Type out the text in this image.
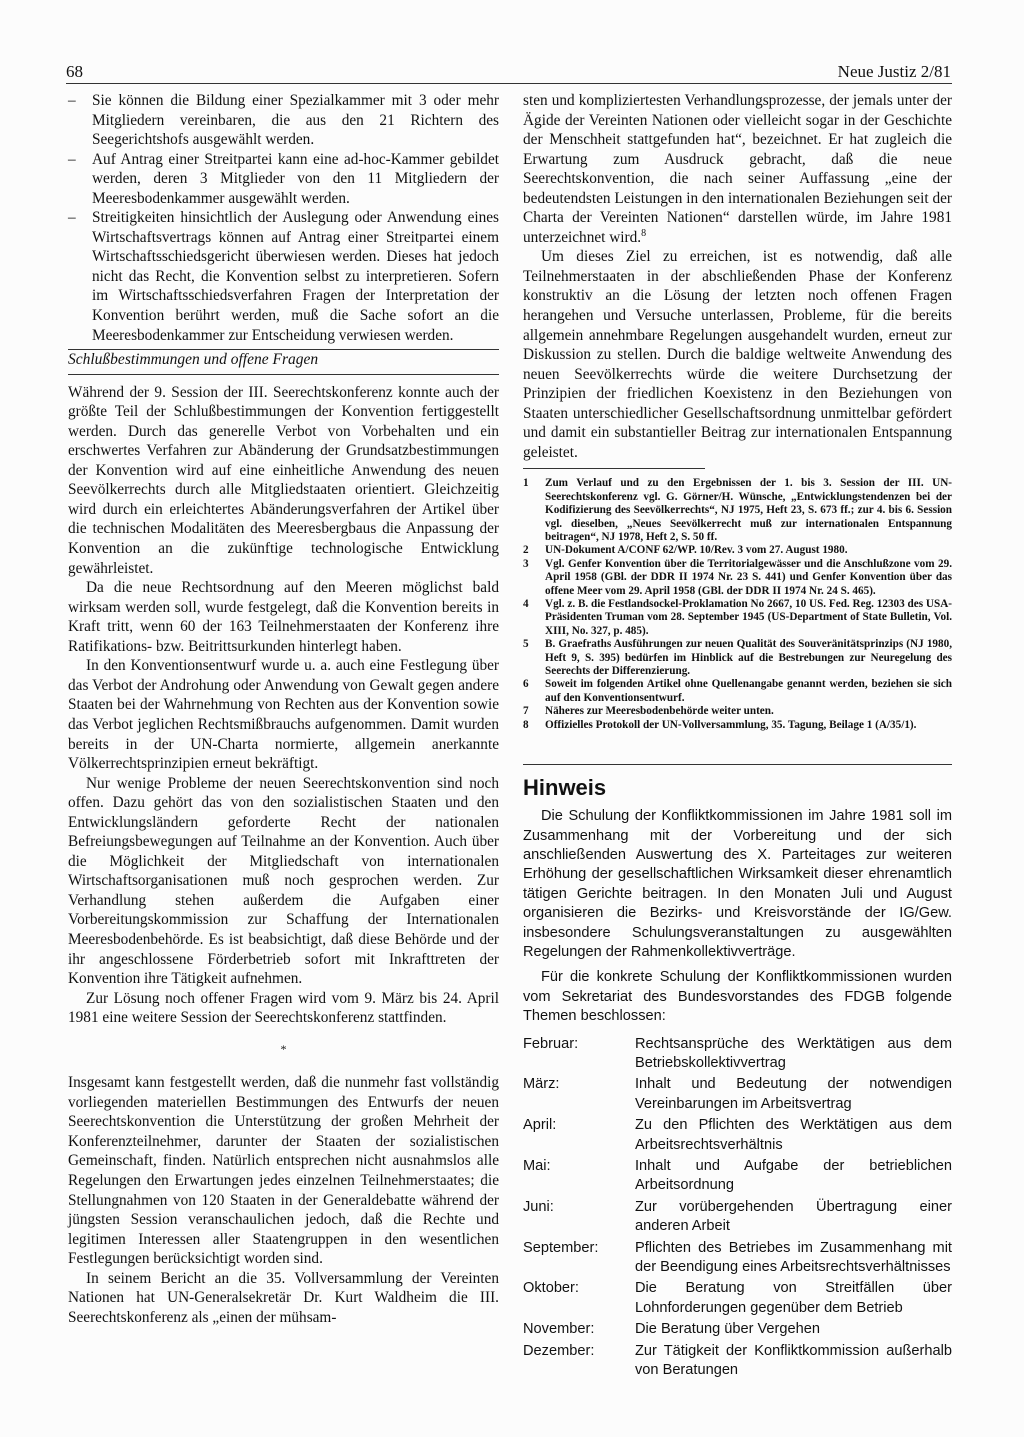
68	Neue Justiz 2/81
– Sie können die Bildung einer Spezialkammer mit 3 oder mehr Mitgliedern vereinbaren, die aus den 21 Richtern des Seegerichtshofs ausgewählt werden.
– Auf Antrag einer Streitpartei kann eine ad-hoc-Kammer gebildet werden, deren 3 Mitglieder von den 11 Mitgliedern der Meeresbodenkammer ausgewählt werden.
– Streitigkeiten hinsichtlich der Auslegung oder Anwendung eines Wirtschaftsvertrags können auf Antrag einer Streitpartei einem Wirtschaftsschiedsgericht überwiesen werden. Dieses hat jedoch nicht das Recht, die Konvention selbst zu interpretieren. Sofern im Wirtschaftsschiedsverfahren Fragen der Interpretation der Konvention berührt werden, muß die Sache sofort an die Meeresbodenkammer zur Entscheidung verwiesen werden.

Schlußbestimmungen und offene Fragen

Während der 9. Session der III. Seerechtskonferenz konnte auch der größte Teil der Schlußbestimmungen der Konvention fertiggestellt werden. Durch das generelle Verbot von Vorbehalten und ein erschwertes Verfahren zur Abänderung der Grundsatzbestimmungen der Konvention wird auf eine einheitliche Anwendung des neuen Seevölkerrechts durch alle Mitgliedstaaten orientiert. Gleichzeitig wird durch ein erleichtertes Abänderungsverfahren der Artikel über die technischen Modalitäten des Meeresbergbaus die Anpassung der Konvention an die zukünftige technologische Entwicklung gewährleistet.

Da die neue Rechtsordnung auf den Meeren möglichst bald wirksam werden soll, wurde festgelegt, daß die Konvention bereits in Kraft tritt, wenn 60 der 163 Teilnehmerstaaten der Konferenz ihre Ratifikations- bzw. Beitrittsurkunden hinterlegt haben.

In den Konventionsentwurf wurde u. a. auch eine Festlegung über das Verbot der Androhung oder Anwendung von Gewalt gegen andere Staaten bei der Wahrnehmung von Rechten aus der Konvention sowie das Verbot jeglichen Rechtsmißbrauchs aufgenommen. Damit wurden bereits in der UN-Charta normierte, allgemein anerkannte Völkerrechtsprinzipien erneut bekräftigt.

Nur wenige Probleme der neuen Seerechtskonvention sind noch offen. Dazu gehört das von den sozialistischen Staaten und den Entwicklungsländern geforderte Recht der nationalen Befreiungsbewegungen auf Teilnahme an der Konvention. Auch über die Möglichkeit der Mitgliedschaft von internationalen Wirtschaftsorganisationen muß noch gesprochen werden. Zur Verhandlung stehen außerdem die Aufgaben einer Vorbereitungskommission zur Schaffung der Internationalen Meeresbodenbehörde. Es ist beabsichtigt, daß diese Behörde und der ihr angeschlossene Förderbetrieb sofort mit Inkrafttreten der Konvention ihre Tätigkeit aufnehmen.

Zur Lösung noch offener Fragen wird vom 9. März bis 24. April 1981 eine weitere Session der Seerechtskonferenz stattfinden.

*

Insgesamt kann festgestellt werden, daß die nunmehr fast vollständig vorliegenden materiellen Bestimmungen des Entwurfs der neuen Seerechtskonvention die Unterstützung der großen Mehrheit der Konferenzteilnehmer, darunter der Staaten der sozialistischen Gemeinschaft, finden. Natürlich entsprechen nicht ausnahmslos alle Regelungen den Erwartungen jedes einzelnen Teilnehmerstaates; die Stellungnahmen von 120 Staaten in der Generaldebatte während der jüngsten Session veranschaulichen jedoch, daß die Rechte und legitimen Interessen aller Staatengruppen in den wesentlichen Festlegungen berücksichtigt worden sind.

In seinem Bericht an die 35. Vollversammlung der Vereinten Nationen hat UN-Generalsekretär Dr. Kurt Waldheim die III. Seerechtskonferenz als „einen der mühsam-

sten und kompliziertesten Verhandlungsprozesse, der jemals unter der Ägide der Vereinten Nationen oder vielleicht sogar in der Geschichte der Menschheit stattgefunden hat“, bezeichnet. Er hat zugleich die Erwartung zum Ausdruck gebracht, daß die neue Seerechtskonvention, die nach seiner Auffassung „eine der bedeutendsten Leistungen in den internationalen Beziehungen seit der Charta der Vereinten Nationen“ darstellen würde, im Jahre 1981 unterzeichnet wird.$^8$

Um dieses Ziel zu erreichen, ist es notwendig, daß alle Teilnehmerstaaten in der abschließenden Phase der Konferenz konstruktiv an die Lösung der letzten noch offenen Fragen herangehen und Versuche unterlassen, Probleme, für die bereits allgemein annehmbare Regelungen ausgehandelt wurden, erneut zur Diskussion zu stellen. Durch die baldige weltweite Anwendung des neuen Seevölkerrechts würde die weitere Durchsetzung der Prinzipien der friedlichen Koexistenz in den Beziehungen von Staaten unterschiedlicher Gesellschaftsordnung unmittelbar gefördert und damit ein substantieller Beitrag zur internationalen Entspannung geleistet.

1 Zum Verlauf und zu den Ergebnissen der 1. bis 3. Session der III. UN-Seerechtskonferenz vgl. G. Görner/H. Wünsche, „Entwicklungstendenzen bei der Kodifizierung des Seevölkerrechts“, NJ 1975, Heft 23, S. 673 ff.; zur 4. bis 6. Session vgl. dieselben, „Neues Seevölkerrecht muß zur internationalen Entspannung beitragen“, NJ 1978, Heft 2, S. 50 ff.
2 UN-Dokument A/CONF 62/WP. 10/Rev. 3 vom 27. August 1980.
3 Vgl. Genfer Konvention über die Territorialgewässer und die Anschlußzone vom 29. April 1958 (GBl. der DDR II 1974 Nr. 23 S. 441) und Genfer Konvention über das offene Meer vom 29. April 1958 (GBl. der DDR II 1974 Nr. 24 S. 465).
4 Vgl. z. B. die Festlandsockel-Proklamation No 2667, 10 US. Fed. Reg. 12303 des USA-Präsidenten Truman vom 28. September 1945 (US-Department of State Bulletin, Vol. XIII, No. 327, p. 485).
5 B. Graefraths Ausführungen zur neuen Qualität des Souveränitätsprinzips (NJ 1980, Heft 9, S. 395) bedürfen im Hinblick auf die Bestrebungen zur Neuregelung des Seerechts der Differenzierung.
6 Soweit im folgenden Artikel ohne Quellenangabe genannt werden, beziehen sie sich auf den Konventionsentwurf.
7 Näheres zur Meeresbodenbehörde weiter unten.
8 Offizielles Protokoll der UN-Vollversammlung, 35. Tagung, Beilage 1 (A/35/1).
Hinweis

Die Schulung der Konfliktkommissionen im Jahre 1981 soll im Zusammenhang mit der Vorbereitung und der sich anschließenden Auswertung des X. Parteitages zur weiteren Erhöhung der gesellschaftlichen Wirksamkeit dieser ehrenamtlich tätigen Gerichte beitragen. In den Monaten Juli und August organisieren die Bezirks- und Kreisvorstände der IG/Gew. insbesondere Schulungsveranstaltungen zu ausgewählten Regelungen der Rahmenkollektivverträge.

Für die konkrete Schulung der Konfliktkommissionen wurden vom Sekretariat des Bundesvorstandes des FDGB folgende Themen beschlossen:

Februar:	Rechtsansprüche des Werktätigen aus dem Betriebskollektivvertrag
März:	Inhalt und Bedeutung der notwendigen Vereinbarungen im Arbeitsvertrag
April:	Zu den Pflichten des Werktätigen aus dem Arbeitsrechtsverhältnis
Mai:	Inhalt und Aufgabe der betrieblichen Arbeitsordnung
Juni:	Zur vorübergehenden Übertragung einer anderen Arbeit
September:	Pflichten des Betriebes im Zusammenhang mit der Beendigung eines Arbeitsrechtsverhältnisses
Oktober:	Die Beratung von Streitfällen über Lohnforderungen gegenüber dem Betrieb
November:	Die Beratung über Vergehen
Dezember:	Zur Tätigkeit der Konfliktkommission außerhalb von Beratungen
